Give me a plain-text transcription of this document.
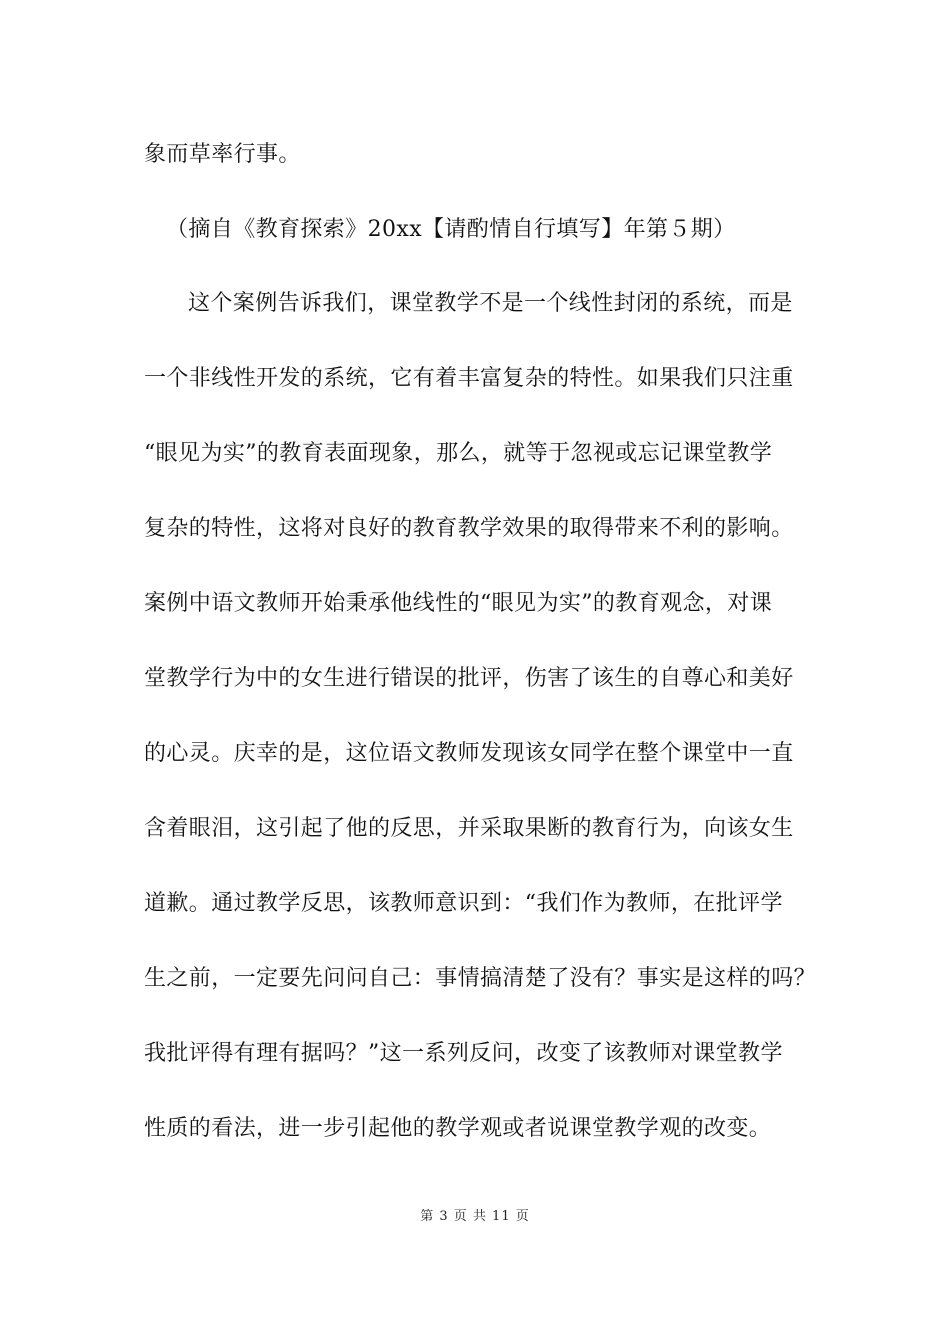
象而草率行事。
（摘自《教育探索》20xx【请酌情自行填写】年第５期）
这个案例告诉我们，课堂教学不是一个线性封闭的系统，而是
一个非线性开发的系统，它有着丰富复杂的特性。如果我们只注重
“眼见为实”的教育表面现象，那么，就等于忽视或忘记课堂教学
复杂的特性，这将对良好的教育教学效果的取得带来不利的影响。
案例中语文教师开始秉承他线性的“眼见为实”的教育观念，对课
堂教学行为中的女生进行错误的批评，伤害了该生的自尊心和美好
的心灵。庆幸的是，这位语文教师发现该女同学在整个课堂中一直
含着眼泪，这引起了他的反思，并采取果断的教育行为，向该女生
道歉。通过教学反思，该教师意识到：“我们作为教师，在批评学
生之前，一定要先问问自己：事情搞清楚了没有？事实是这样的吗？
我批评得有理有据吗？”这一系列反问，改变了该教师对课堂教学
性质的看法，进一步引起他的教学观或者说课堂教学观的改变。
第 3 页 共 11 页
